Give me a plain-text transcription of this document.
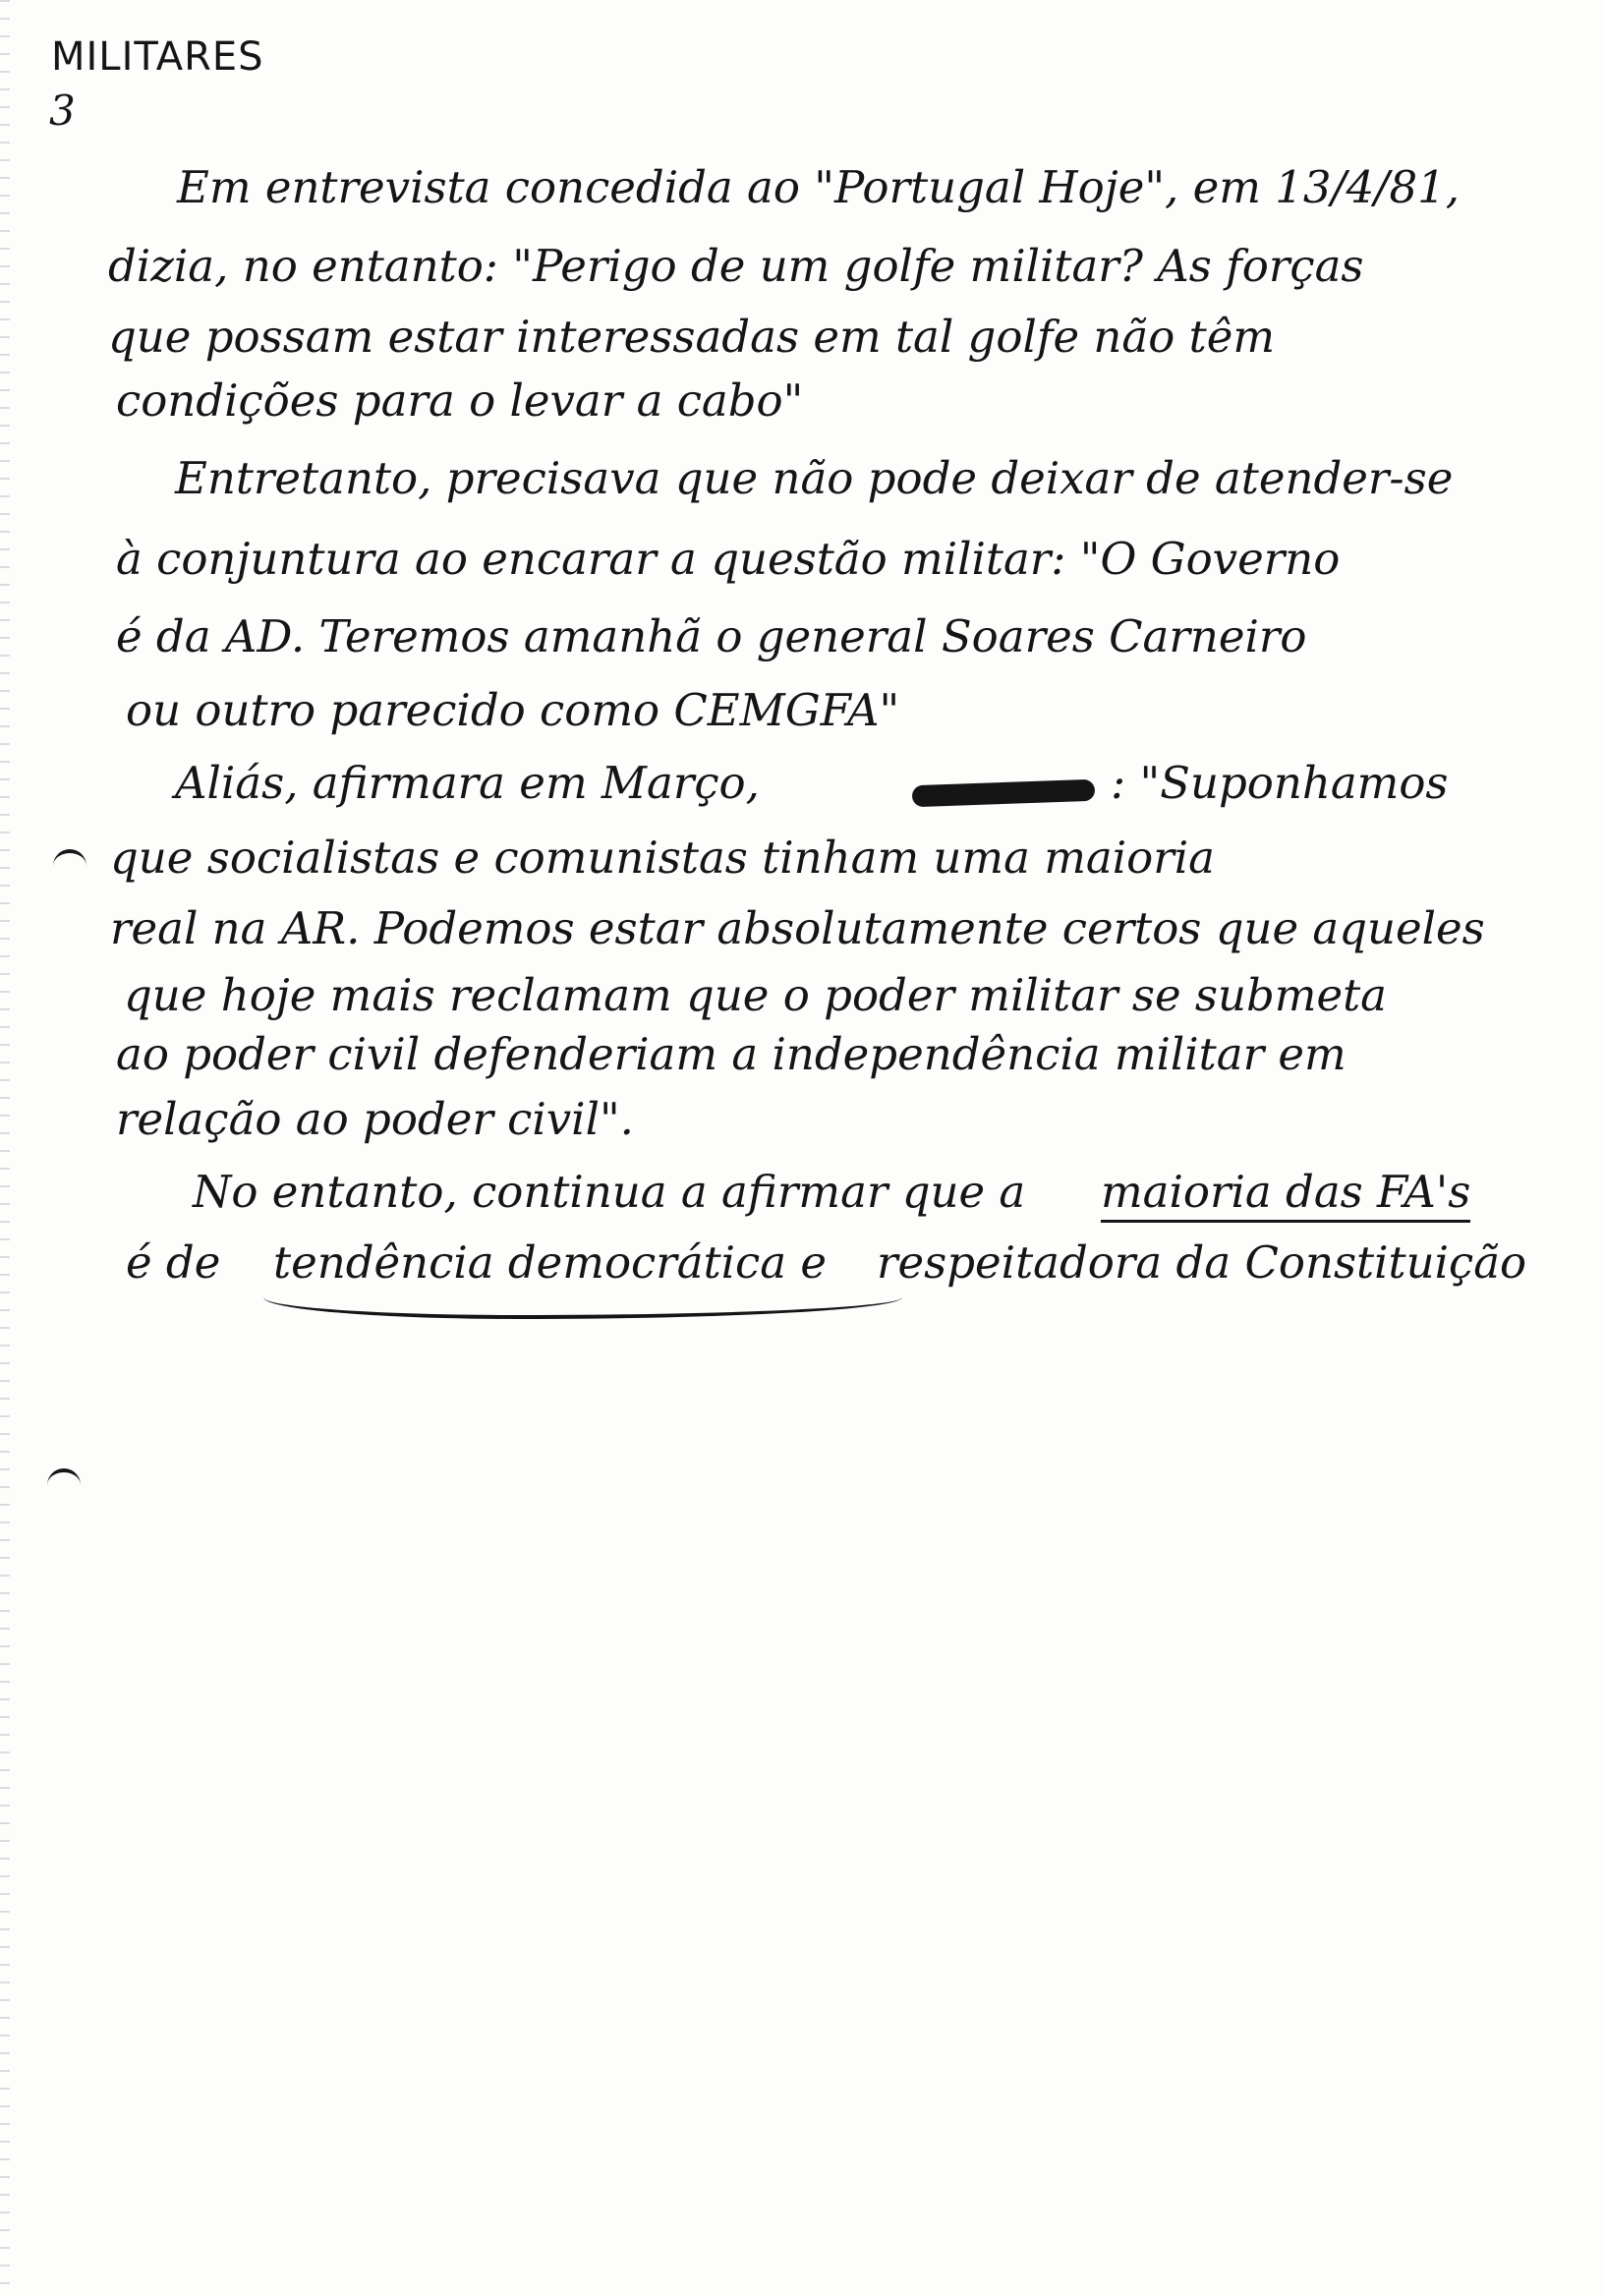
MILITARES
3
Em entrevista concedida ao "Portugal Hoje", em 13/4/81,
dizia, no entanto: "Perigo de um golfe militar? As forças
que possam estar interessadas em tal golfe não têm
condições para o levar a cabo"
Entretanto, precisava que não pode deixar de atender-se
à conjuntura ao encarar a questão militar: "O Governo
é da AD. Teremos amanhã o general Soares Carneiro
ou outro parecido como CEMGFA"
Aliás, afirmara em Março,	: "Suponhamos
que socialistas e comunistas tinham uma maioria
real na AR. Podemos estar absolutamente certos que aqueles
que hoje mais reclamam que o poder militar se submeta
ao poder civil defenderiam a independência militar em
relação ao poder civil".
No entanto, continua a afirmar que a maioria das FA's
é de tendência democrática e respeitadora da Constituição
